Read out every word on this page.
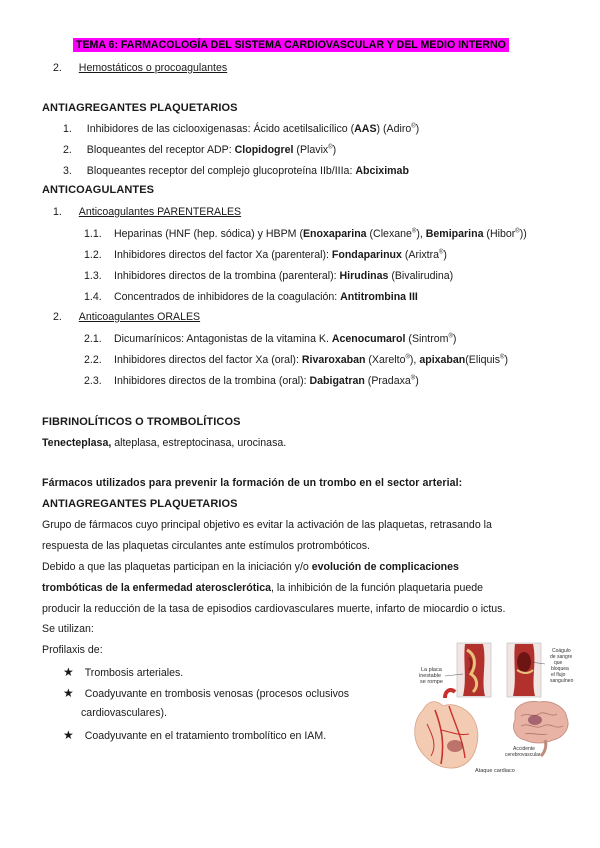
TEMA 6: FARMACOLOGÍA DEL SISTEMA CARDIOVASCULAR Y DEL MEDIO INTERNO
2. Hemostáticos o procoagulantes
ANTIAGREGANTES PLAQUETARIOS
1. Inhibidores de las ciclooxigenasas: Ácido acetilsalicílico (AAS) (Adiro®)
2. Bloqueantes del receptor ADP: Clopidogrel (Plavix®)
3. Bloqueantes receptor del complejo glucoproteína IIb/IIIa: Abciximab
ANTICOAGULANTES
1. Anticoagulantes PARENTERALES
1.1. Heparinas (HNF (hep. sódica) y HBPM (Enoxaparina (Clexane®), Bemiparina (Hibor®))
1.2. Inhibidores directos del factor Xa (parenteral): Fondaparinux (Arixtra®)
1.3. Inhibidores directos de la trombina (parenteral): Hirudinas (Bivalirudina)
1.4. Concentrados de inhibidores de la coagulación: Antitrombina III
2. Anticoagulantes ORALES
2.1. Dicumarínicos: Antagonistas de la vitamina K. Acenocumarol (Sintrom®)
2.2. Inhibidores directos del factor Xa (oral): Rivaroxaban (Xarelto®), apixaban(Eliquis®)
2.3. Inhibidores directos de la trombina (oral): Dabigatran (Pradaxa®)
FIBRINOLÍTICOS O TROMBOLÍTICOS
Tenecteplasa, alteplasa, estreptocinasa, urocinasa.
Fármacos utilizados para prevenir la formación de un trombo en el sector arterial:
ANTIAGREGANTES PLAQUETARIOS
Grupo de fármacos cuyo principal objetivo es evitar la activación de las plaquetas, retrasando la
respuesta de las plaquetas circulantes ante estímulos protrombóticos.
Debido a que las plaquetas participan en la iniciación y/o evolución de complicaciones
trombóticas de la enfermedad aterosclerótica, la inhibición de la función plaquetaria puede
producir la reducción de la tasa de episodios cardiovasculares muerte, infarto de miocardio o ictus.
Se utilizan:
Profilaxis de:
★ Trombosis arteriales.
★ Coadyuvante en trombosis venosas (procesos oclusivos
cardiovasculares).
★ Coadyuvante en el tratamiento trombolítico en IAM.
La placa inestable se rompe
Coágulo de sangre que bloquea el flujo sanguíneo
Accidente cerebrovascular
Ataque cardiaco
